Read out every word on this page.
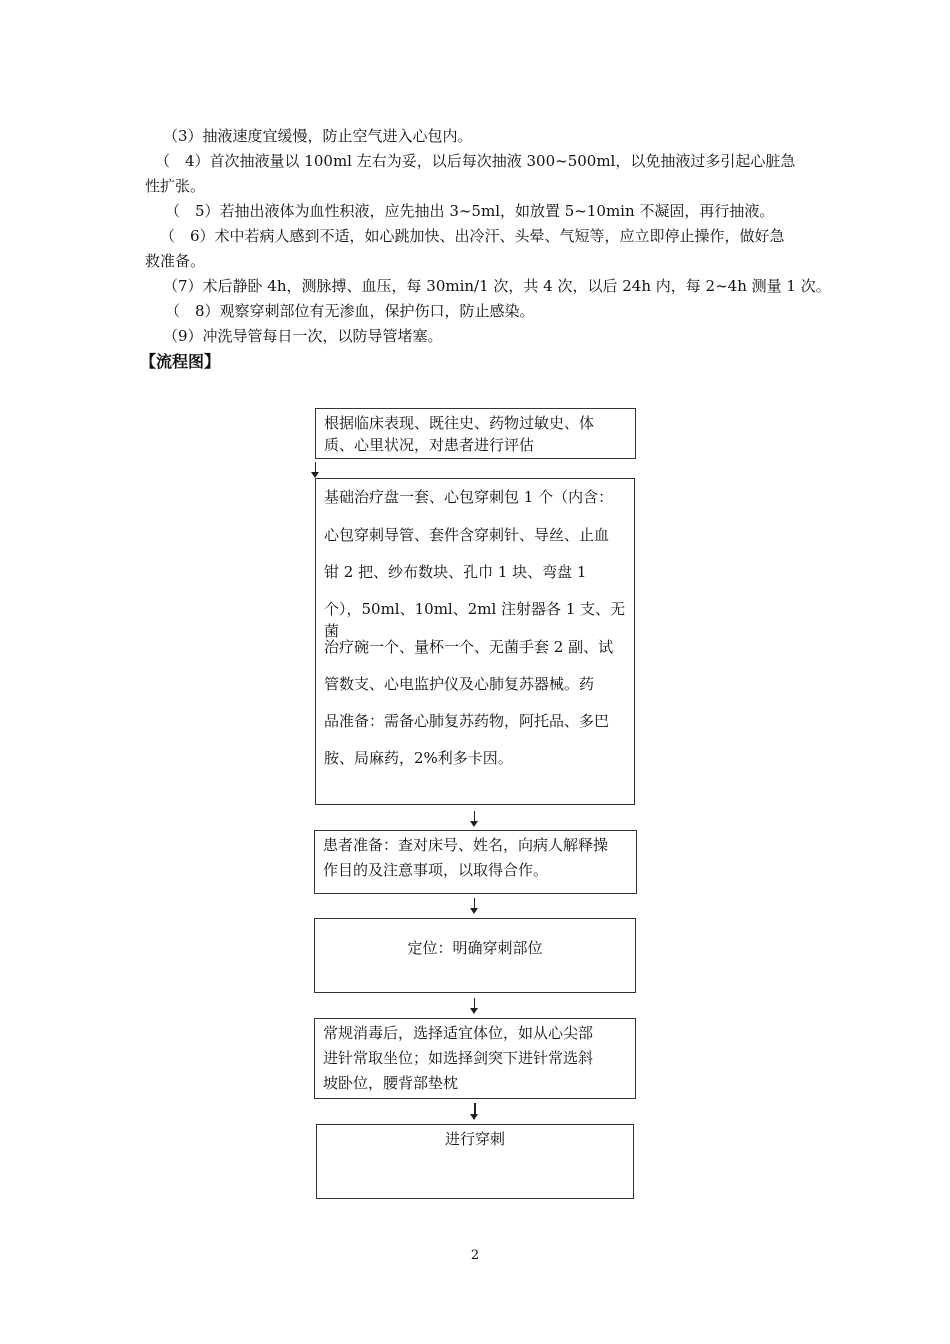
（3）抽液速度宜缓慢，防止空气进入心包内。
（　4）首次抽液量以 100ml 左右为妥，以后每次抽液 300~500ml，以免抽液过多引起心脏急
性扩张。
（　5）若抽出液体为血性积液，应先抽出 3~5ml，如放置 5~10min 不凝固，再行抽液。
（　6）术中若病人感到不适，如心跳加快、出冷汗、头晕、气短等，应立即停止操作，做好急
救准备。
（7）术后静卧 4h，测脉搏、血压，每 30min/1 次，共 4 次，以后 24h 内，每 2~4h 测量 1 次。
（　8）观察穿刺部位有无渗血，保护伤口，防止感染。
（9）冲洗导管每日一次，以防导管堵塞。
【流程图】
根据临床表现、既往史、药物过敏史、体
质、心里状况，对患者进行评估
基础治疗盘一套、心包穿刺包 1 个（内含：
心包穿刺导管、套件含穿刺针、导丝、止血
钳 2 把、纱布数块、孔巾 1 块、弯盘 1
个），50ml、10ml、2ml 注射器各 1 支、无菌
治疗碗一个、量杯一个、无菌手套 2 副、试
管数支、心电监护仪及心肺复苏器械。药
品准备：需备心肺复苏药物，阿托品、多巴
胺、局麻药，2%利多卡因。
患者准备：查对床号、姓名，向病人解释操
作目的及注意事项，以取得合作。
定位：明确穿刺部位
常规消毒后，选择适宜体位，如从心尖部
进针常取坐位；如选择剑突下进针常选斜
坡卧位，腰背部垫枕
进行穿刺
2
